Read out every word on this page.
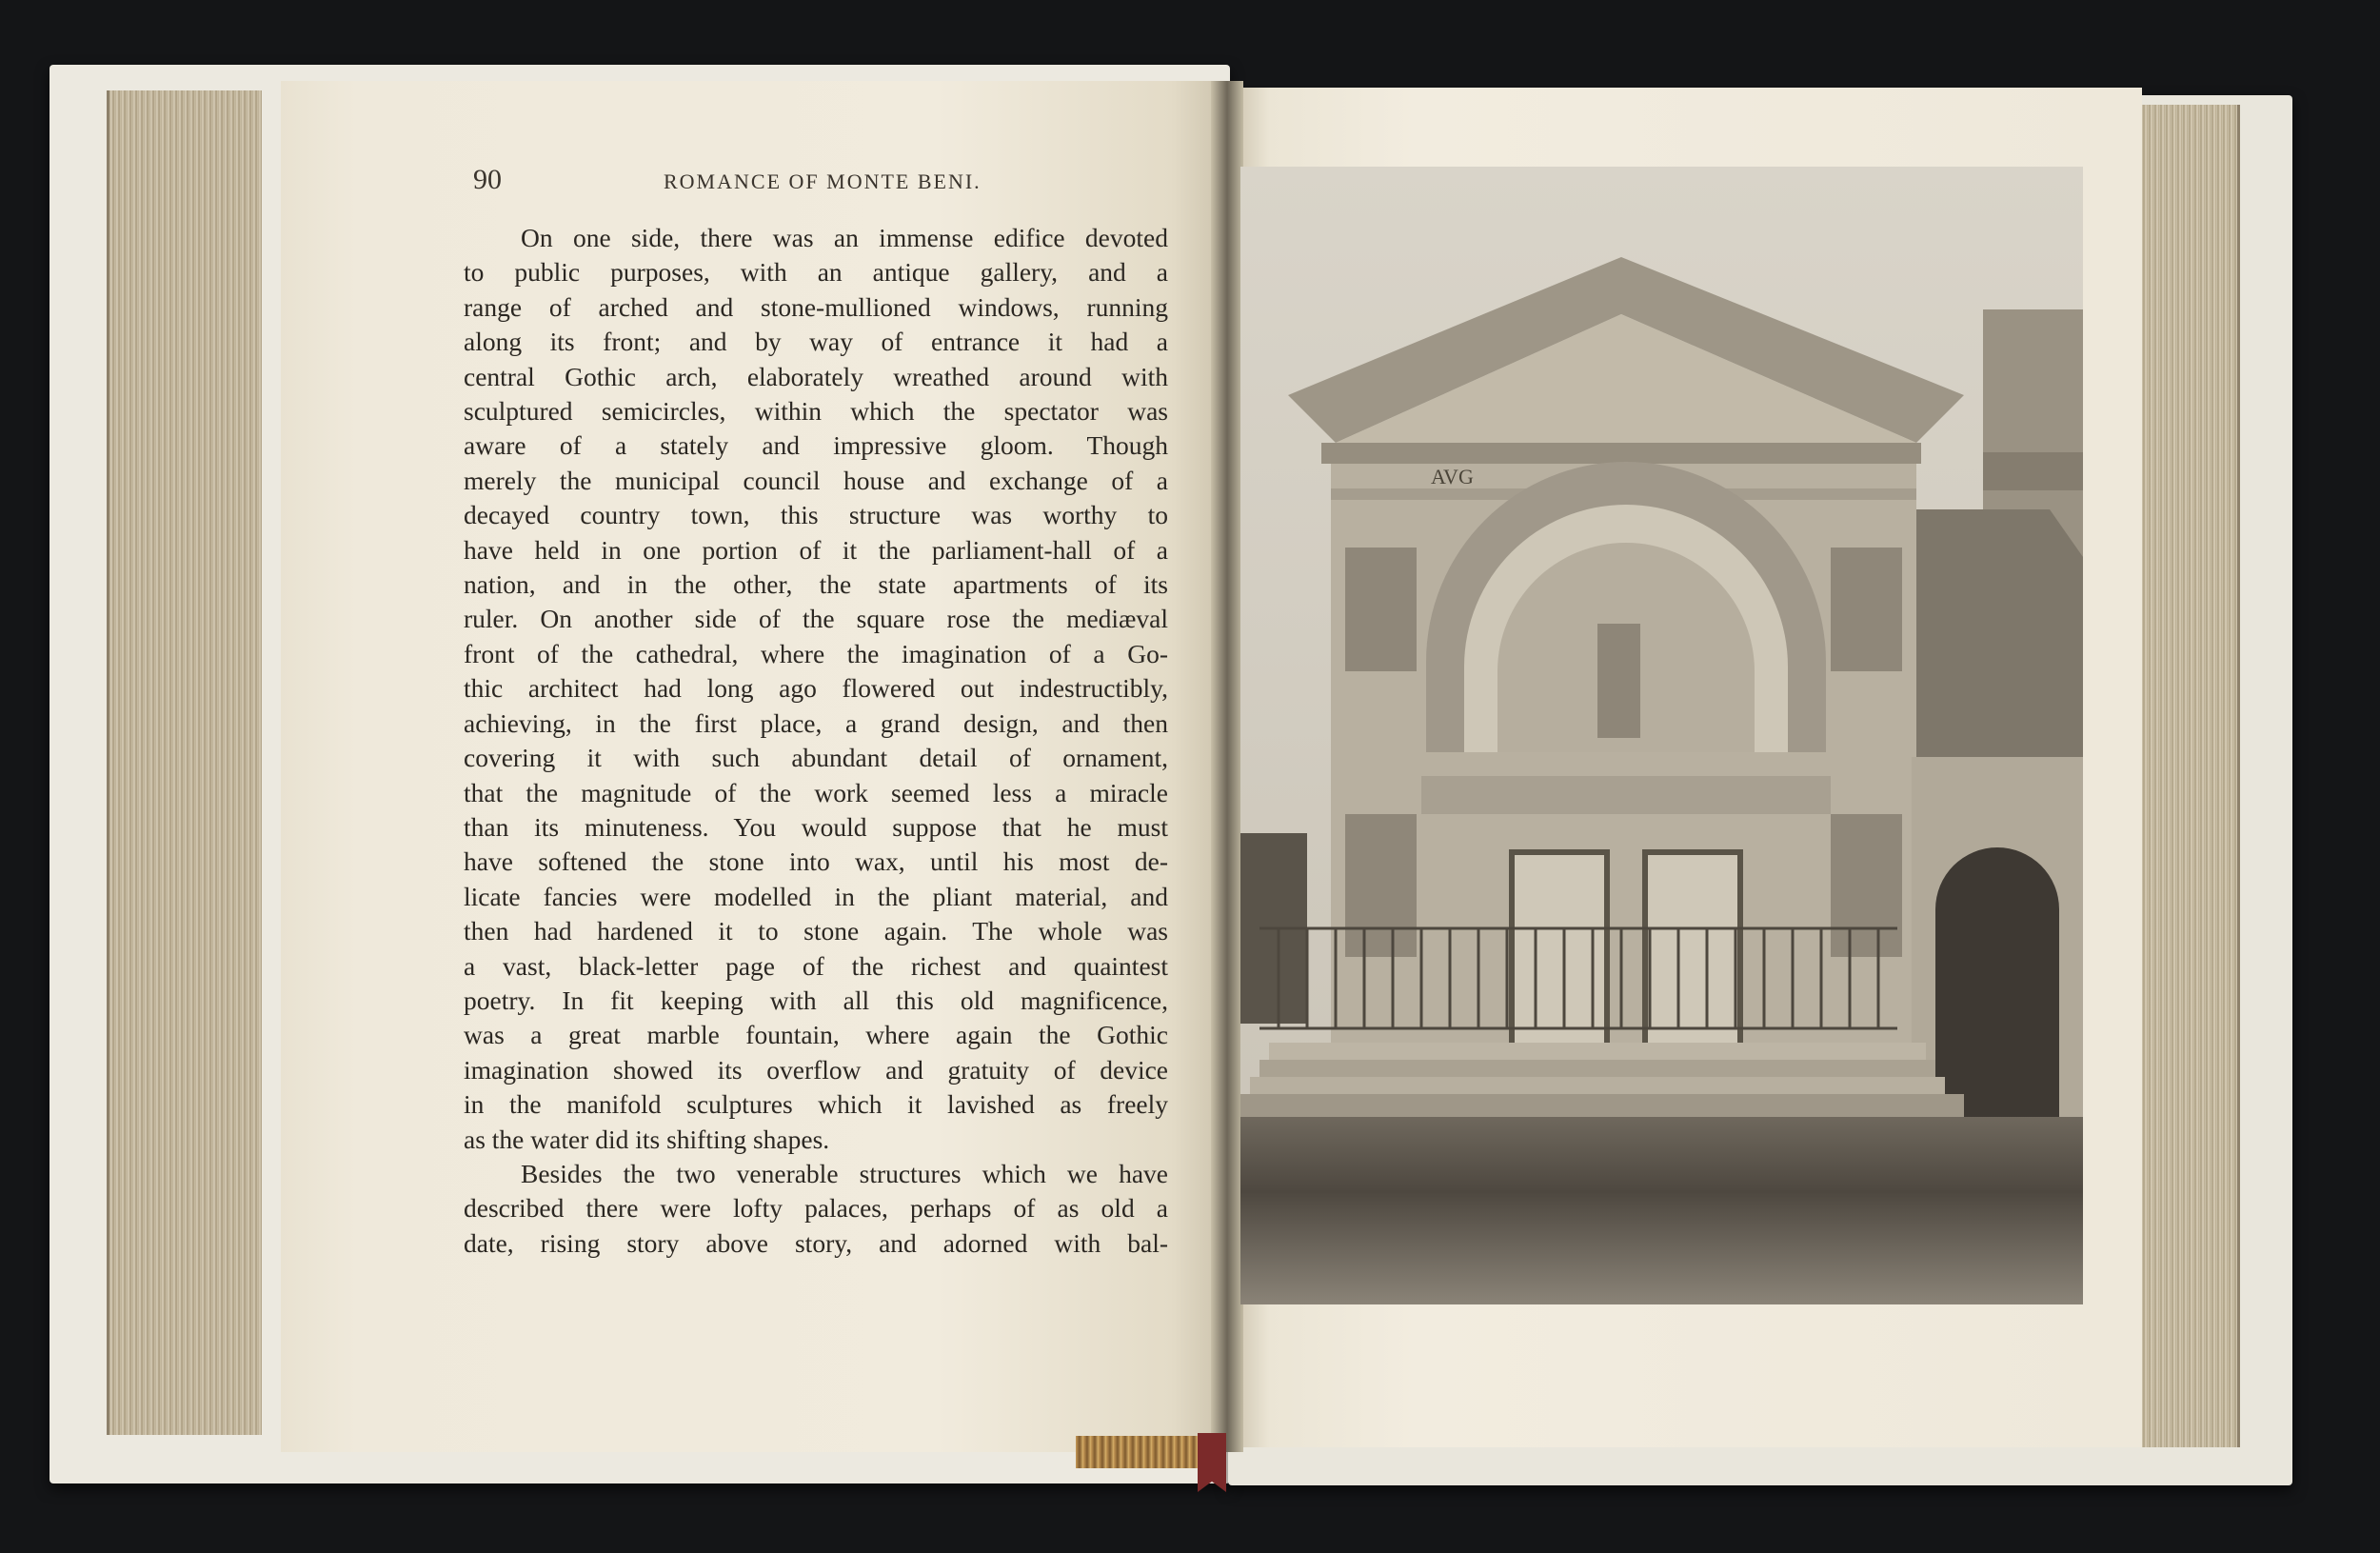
90	ROMANCE OF MONTE BENI.
On one side, there was an immense edifice devoted
to public purposes, with an antique gallery, and a
range of arched and stone-mullioned windows, running
along its front; and by way of entrance it had a
central Gothic arch, elaborately wreathed around with
sculptured semicircles, within which the spectator was
aware of a stately and impressive gloom. Though
merely the municipal council house and exchange of a
decayed country town, this structure was worthy to
have held in one portion of it the parliament-hall of a
nation, and in the other, the state apartments of its
ruler. On another side of the square rose the mediæval
front of the cathedral, where the imagination of a Go-
thic architect had long ago flowered out indestructibly,
achieving, in the first place, a grand design, and then
covering it with such abundant detail of ornament,
that the magnitude of the work seemed less a miracle
than its minuteness. You would suppose that he must
have softened the stone into wax, until his most de-
licate fancies were modelled in the pliant material, and
then had hardened it to stone again. The whole was
a vast, black-letter page of the richest and quaintest
poetry. In fit keeping with all this old magnificence,
was a great marble fountain, where again the Gothic
imagination showed its overflow and gratuity of device
in the manifold sculptures which it lavished as freely
as the water did its shifting shapes.
Besides the two venerable structures which we have
described there were lofty palaces, perhaps of as old a
date, rising story above story, and adorned with bal-
AVG
